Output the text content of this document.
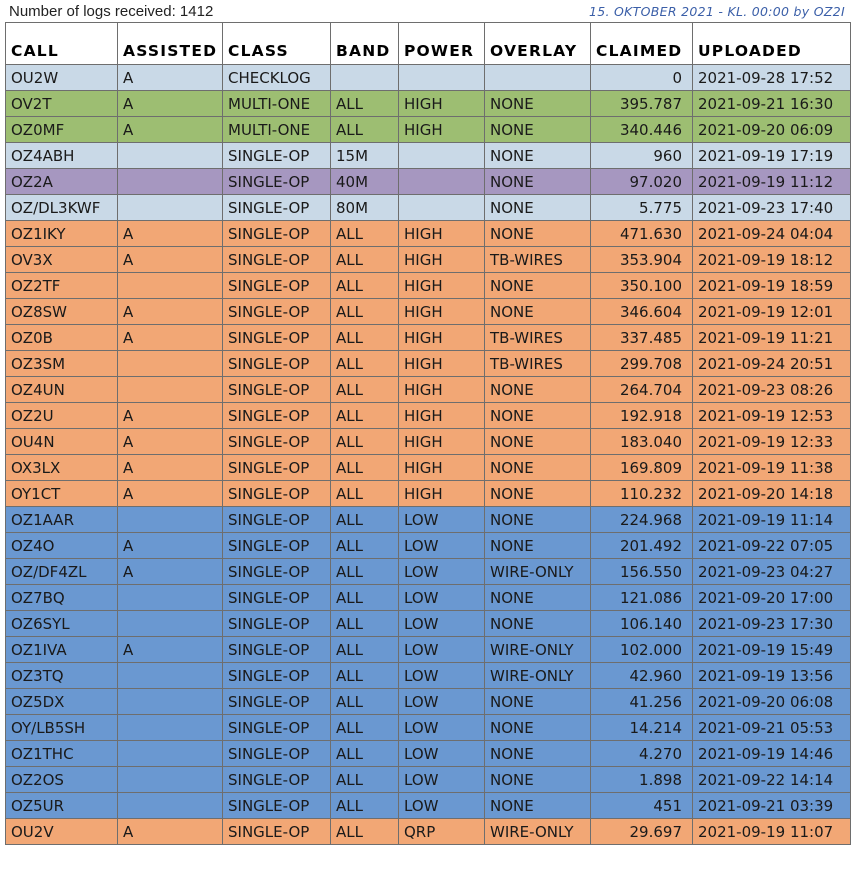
Number of logs received: 1412	15. OKTOBER 2021 - KL. 00:00 by OZ2I
CALL	ASSISTED	CLASS	BAND	POWER	OVERLAY	CLAIMED	UPLOADED
OU2W	A	CHECKLOG				0	2021-09-28 17:52
OV2T	A	MULTI-ONE	ALL	HIGH	NONE	395.787	2021-09-21 16:30
OZ0MF	A	MULTI-ONE	ALL	HIGH	NONE	340.446	2021-09-20 06:09
OZ4ABH		SINGLE-OP	15M		NONE	960	2021-09-19 17:19
OZ2A		SINGLE-OP	40M		NONE	97.020	2021-09-19 11:12
OZ/DL3KWF		SINGLE-OP	80M		NONE	5.775	2021-09-23 17:40
OZ1IKY	A	SINGLE-OP	ALL	HIGH	NONE	471.630	2021-09-24 04:04
OV3X	A	SINGLE-OP	ALL	HIGH	TB-WIRES	353.904	2021-09-19 18:12
OZ2TF		SINGLE-OP	ALL	HIGH	NONE	350.100	2021-09-19 18:59
OZ8SW	A	SINGLE-OP	ALL	HIGH	NONE	346.604	2021-09-19 12:01
OZ0B	A	SINGLE-OP	ALL	HIGH	TB-WIRES	337.485	2021-09-19 11:21
OZ3SM		SINGLE-OP	ALL	HIGH	TB-WIRES	299.708	2021-09-24 20:51
OZ4UN		SINGLE-OP	ALL	HIGH	NONE	264.704	2021-09-23 08:26
OZ2U	A	SINGLE-OP	ALL	HIGH	NONE	192.918	2021-09-19 12:53
OU4N	A	SINGLE-OP	ALL	HIGH	NONE	183.040	2021-09-19 12:33
OX3LX	A	SINGLE-OP	ALL	HIGH	NONE	169.809	2021-09-19 11:38
OY1CT	A	SINGLE-OP	ALL	HIGH	NONE	110.232	2021-09-20 14:18
OZ1AAR		SINGLE-OP	ALL	LOW	NONE	224.968	2021-09-19 11:14
OZ4O	A	SINGLE-OP	ALL	LOW	NONE	201.492	2021-09-22 07:05
OZ/DF4ZL	A	SINGLE-OP	ALL	LOW	WIRE-ONLY	156.550	2021-09-23 04:27
OZ7BQ		SINGLE-OP	ALL	LOW	NONE	121.086	2021-09-20 17:00
OZ6SYL		SINGLE-OP	ALL	LOW	NONE	106.140	2021-09-23 17:30
OZ1IVA	A	SINGLE-OP	ALL	LOW	WIRE-ONLY	102.000	2021-09-19 15:49
OZ3TQ		SINGLE-OP	ALL	LOW	WIRE-ONLY	42.960	2021-09-19 13:56
OZ5DX		SINGLE-OP	ALL	LOW	NONE	41.256	2021-09-20 06:08
OY/LB5SH		SINGLE-OP	ALL	LOW	NONE	14.214	2021-09-21 05:53
OZ1THC		SINGLE-OP	ALL	LOW	NONE	4.270	2021-09-19 14:46
OZ2OS		SINGLE-OP	ALL	LOW	NONE	1.898	2021-09-22 14:14
OZ5UR		SINGLE-OP	ALL	LOW	NONE	451	2021-09-21 03:39
OU2V	A	SINGLE-OP	ALL	QRP	WIRE-ONLY	29.697	2021-09-19 11:07
